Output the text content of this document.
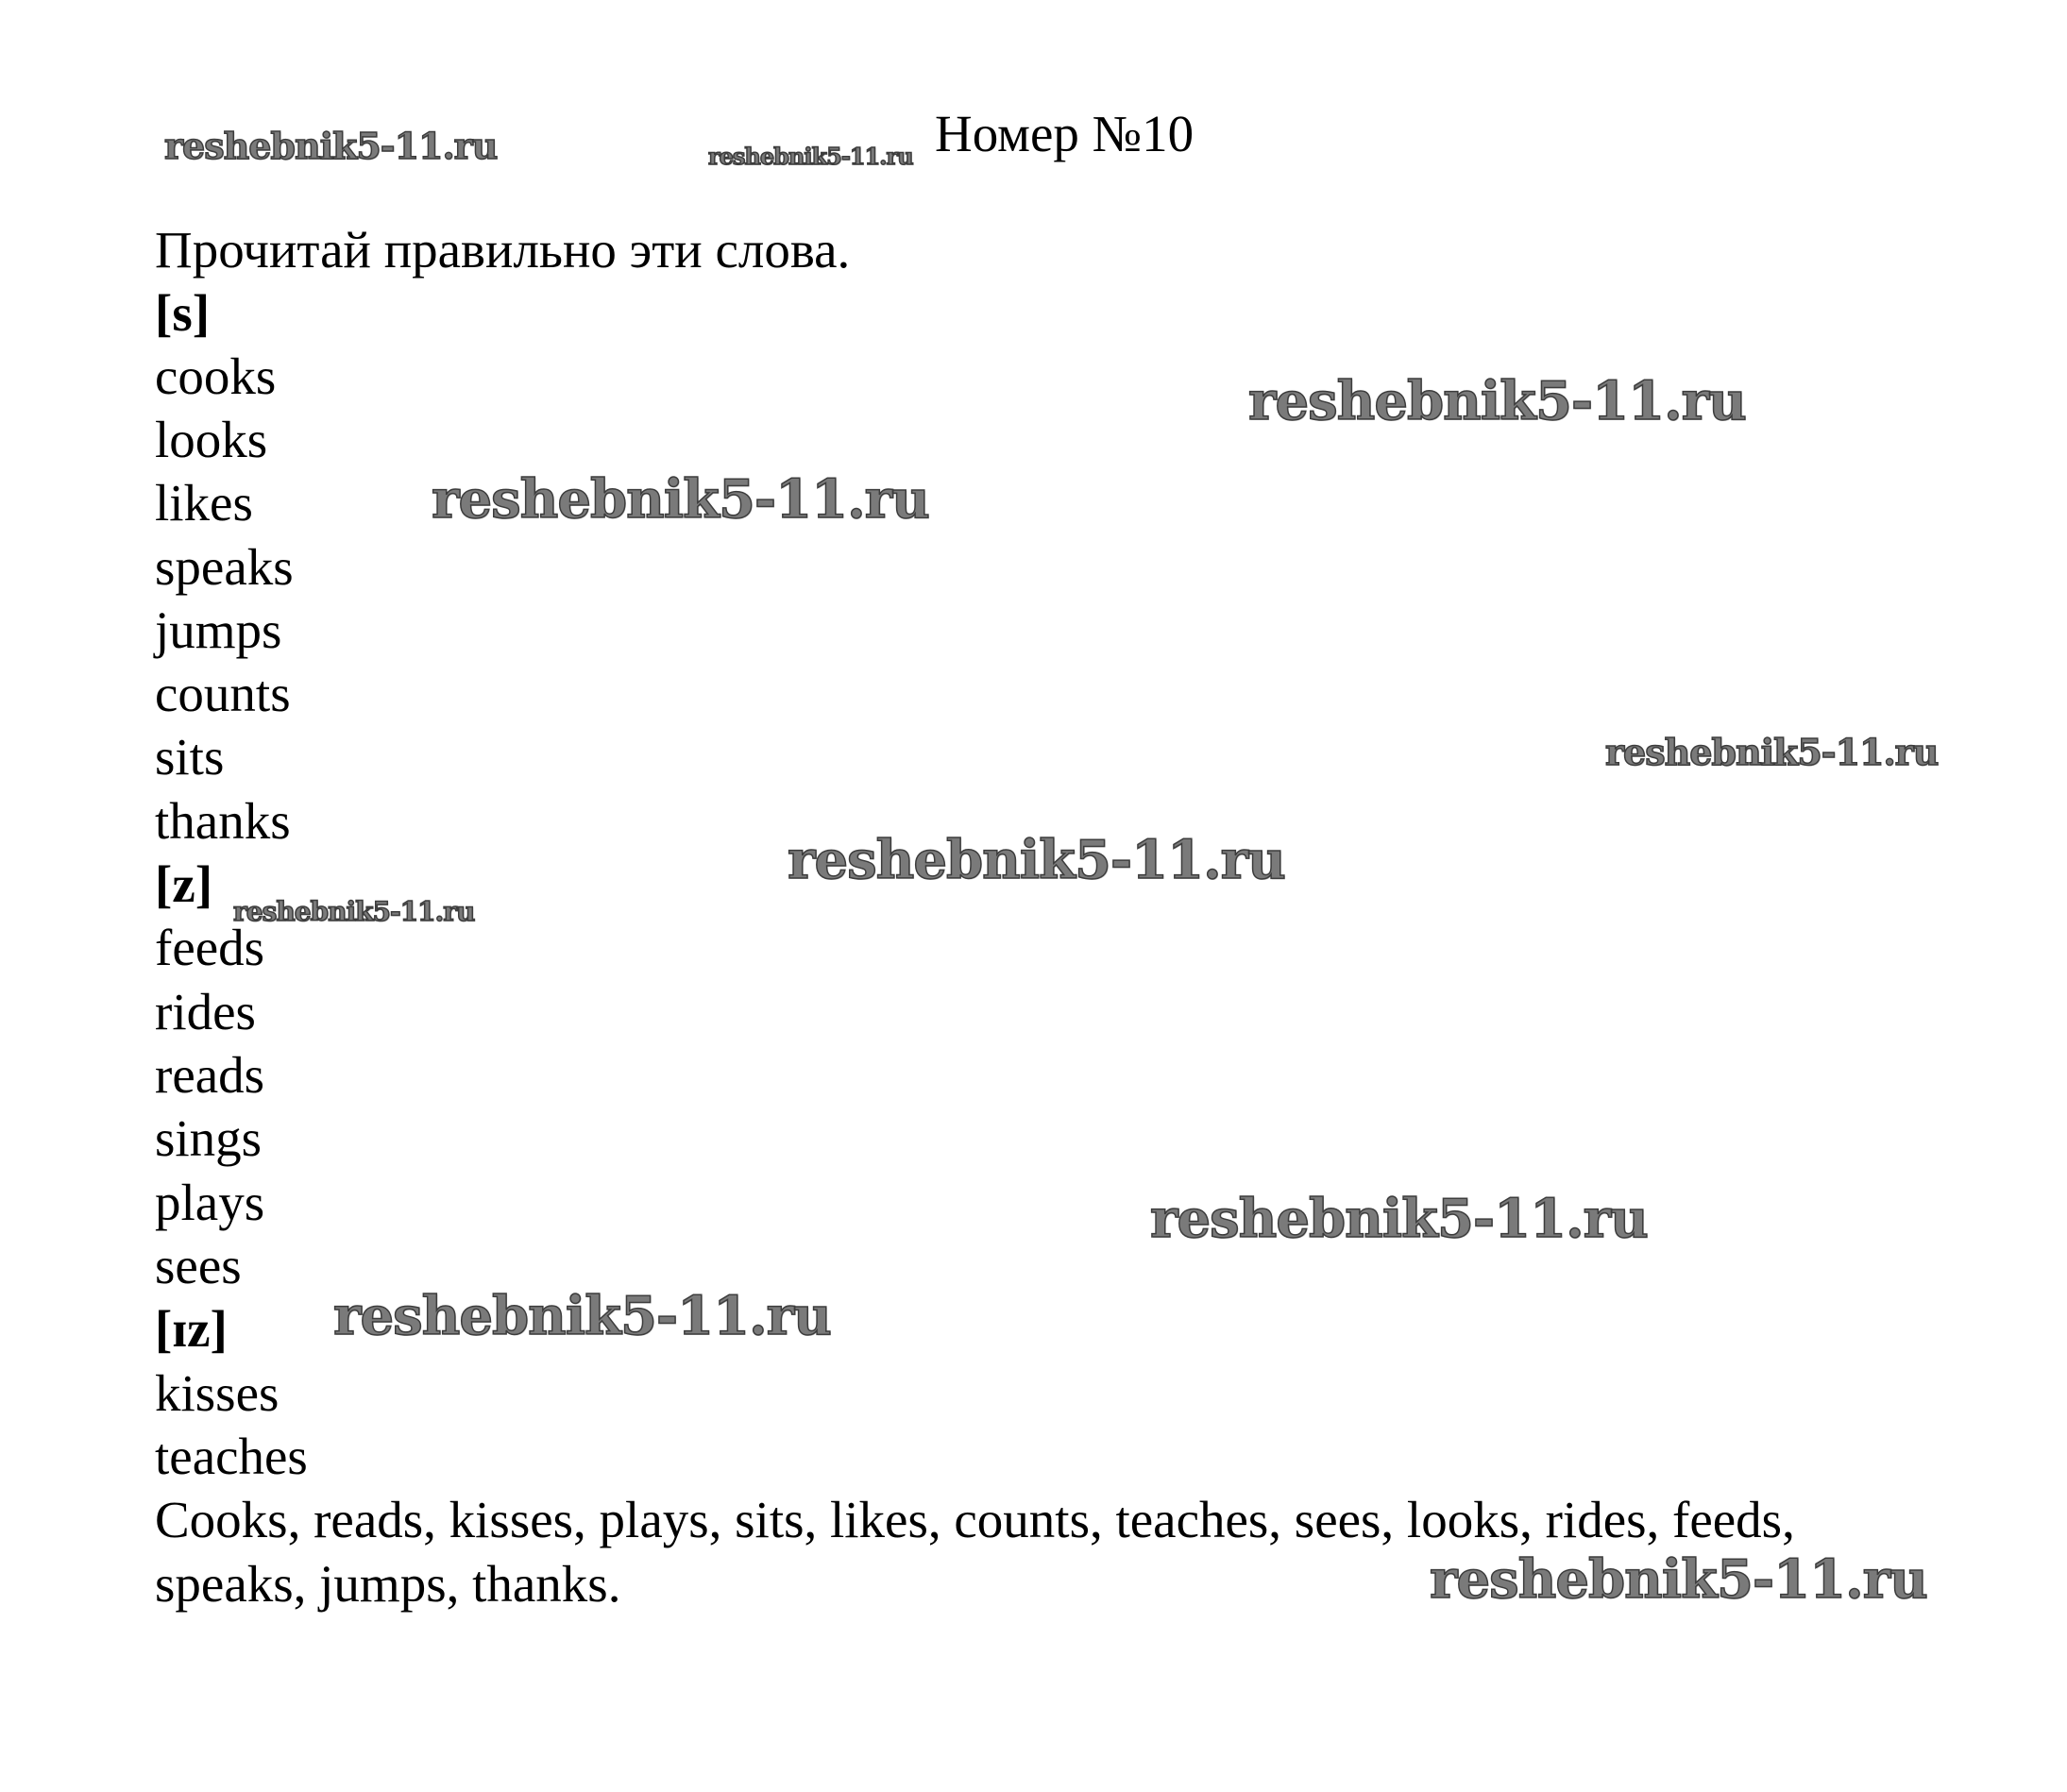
Номер №10
Прочитай правильно эти слова.
[s]
cooks
looks
likes
speaks
jumps
counts
sits
thanks
[z]
feeds
rides
reads
sings
plays
sees
[ɪz]
kisses
teaches
Cooks, reads, kisses, plays, sits, likes, counts, teaches, sees, looks, rides, feeds,
speaks, jumps, thanks.
reshebnik5-11.ru	reshebnik5-11.ru
reshebnik5-11.ru
reshebnik5-11.ru
reshebnik5-11.ru
reshebnik5-11.ru
reshebnik5-11.ru
reshebnik5-11.ru
reshebnik5-11.ru
reshebnik5-11.ru
